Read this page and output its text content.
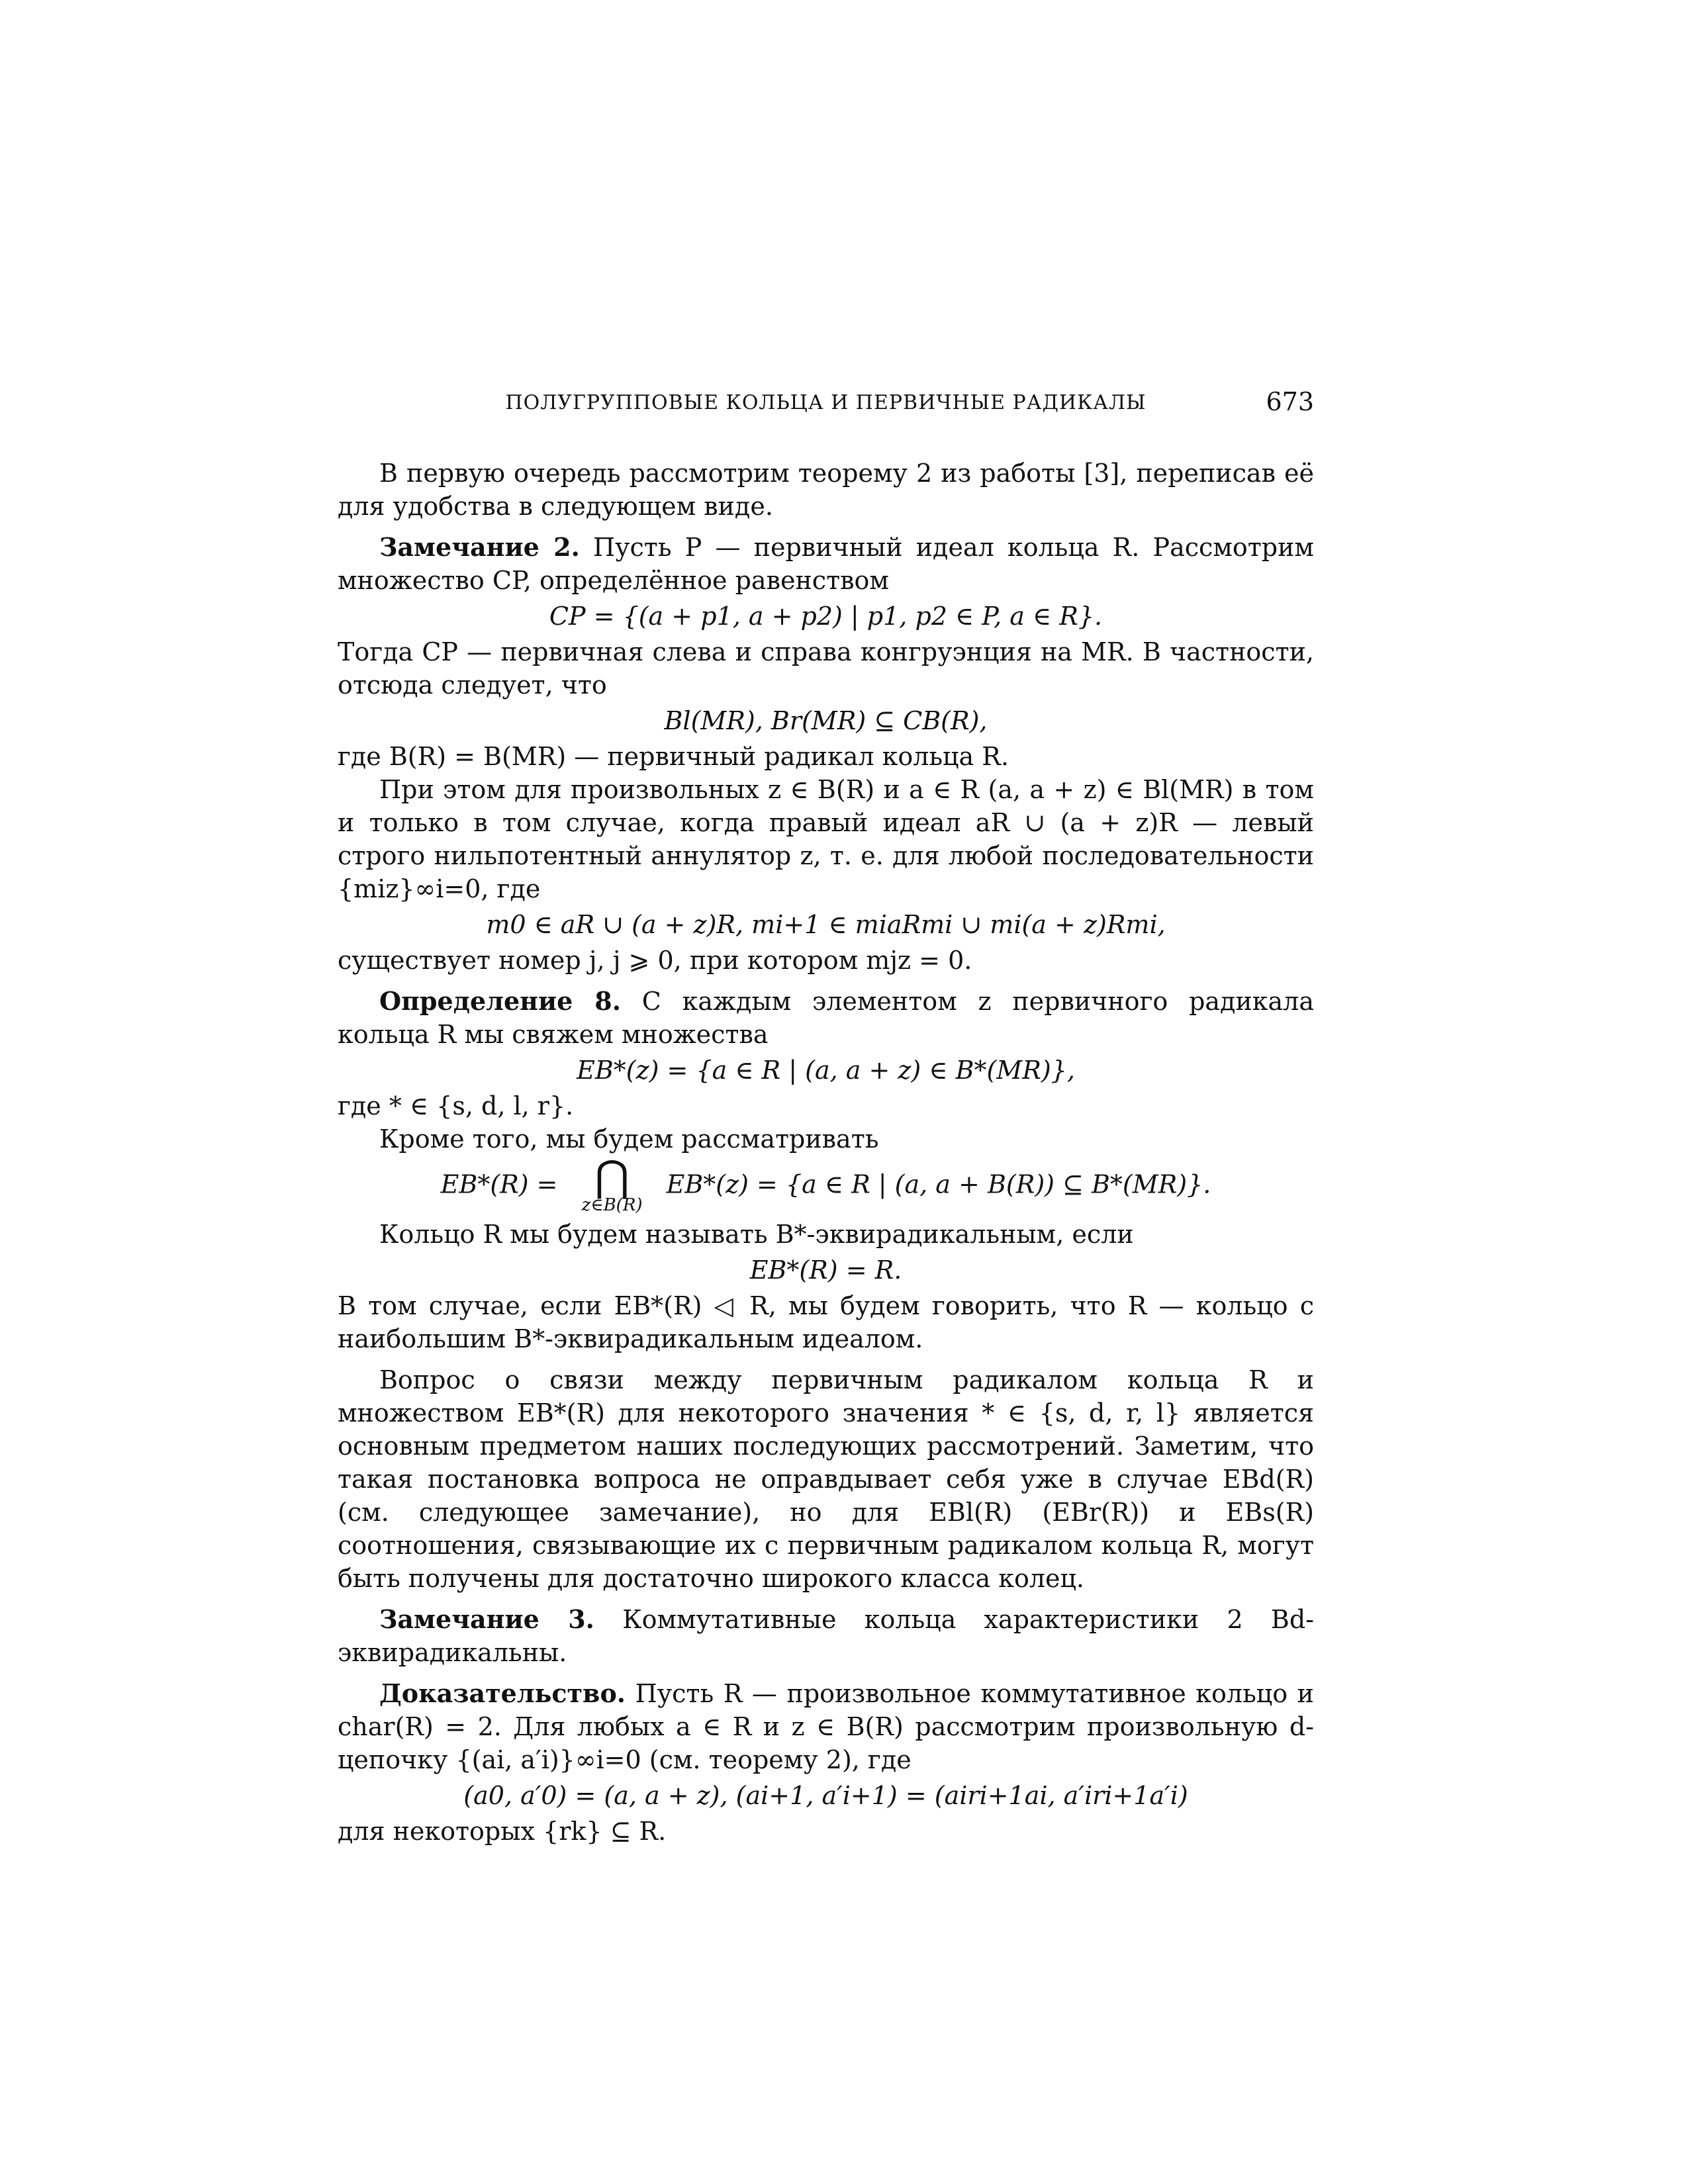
ПОЛУГРУППОВЫЕ КОЛЬЦА И ПЕРВИЧНЫЕ РАДИКАЛЫ	673

В первую очередь рассмотрим теорему 2 из работы [3], переписав её для удобства в следующем виде.

Замечание 2. Пусть P — первичный идеал кольца R. Рассмотрим множество CP, определённое равенством

CP = {(a + p1, a + p2) | p1, p2 ∈ P, a ∈ R}.

Тогда CP — первичная слева и справа конгруэнция на MR. В частности, отсюда следует, что

Bl(MR), Br(MR) ⊆ CB(R),

где B(R) = B(MR) — первичный радикал кольца R.

При этом для произвольных z ∈ B(R) и a ∈ R (a, a + z) ∈ Bl(MR) в том и только в том случае, когда правый идеал aR ∪ (a + z)R — левый строго нильпотентный аннулятор z, т. е. для любой последовательности {miz}∞i=0, где

m0 ∈ aR ∪ (a + z)R, mi+1 ∈ miaRmi ∪ mi(a + z)Rmi,

существует номер j, j ⩾ 0, при котором mjz = 0.

Определение 8. С каждым элементом z первичного радикала кольца R мы свяжем множества

EB*(z) = {a ∈ R | (a, a + z) ∈ B*(MR)},

где * ∈ {s, d, l, r}.

Кроме того, мы будем рассматривать

EB*(R) = ⋂
z∈B(R)
EB*(z) = {a ∈ R | (a, a + B(R)) ⊆ B*(MR)}.

Кольцо R мы будем называть B*-эквирадикальным, если

EB*(R) = R.

В том случае, если EB*(R) ◁ R, мы будем говорить, что R — кольцо с наибольшим B*-эквирадикальным идеалом.

Вопрос о связи между первичным радикалом кольца R и множеством EB*(R) для некоторого значения * ∈ {s, d, r, l} является основным предметом наших последующих рассмотрений. Заметим, что такая постановка вопроса не оправдывает себя уже в случае EBd(R) (см. следующее замечание), но для EBl(R) (EBr(R)) и EBs(R) соотношения, связывающие их с первичным радикалом кольца R, могут быть получены для достаточно широкого класса колец.

Замечание 3. Коммутативные кольца характеристики 2 Bd-эквирадикальны.

Доказательство. Пусть R — произвольное коммутативное кольцо и char(R) = 2. Для любых a ∈ R и z ∈ B(R) рассмотрим произвольную d-цепочку {(ai, a′i)}∞i=0 (см. теорему 2), где

(a0, a′0) = (a, a + z), (ai+1, a′i+1) = (airi+1ai, a′iri+1a′i)

для некоторых {rk} ⊆ R.
